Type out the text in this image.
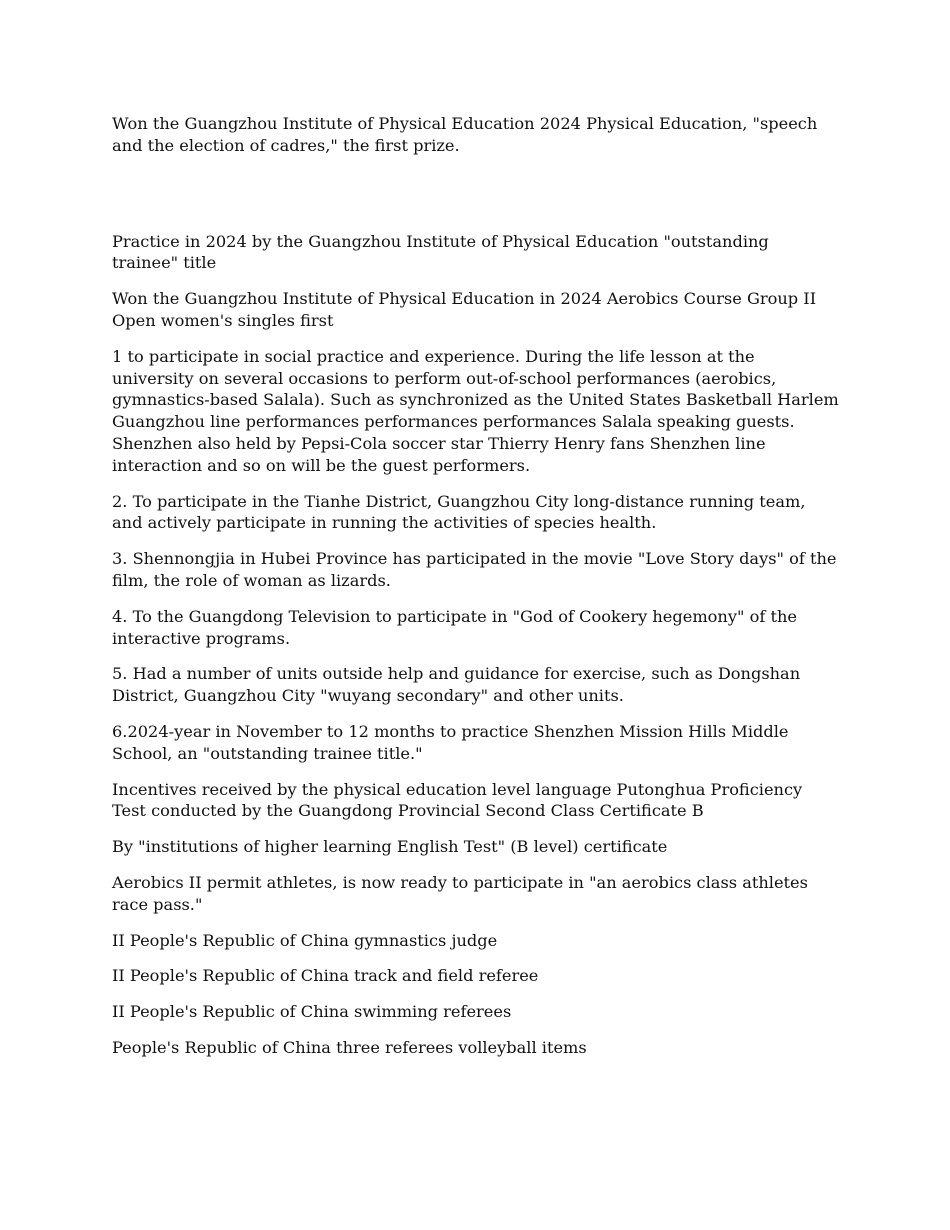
Won the Guangzhou Institute of Physical Education 2024 Physical Education, "speech and the election of cadres," the first prize.

Practice in 2024 by the Guangzhou Institute of Physical Education "outstanding trainee" title

Won the Guangzhou Institute of Physical Education in 2024 Aerobics Course Group II Open women's singles first

1 to participate in social practice and experience. During the life lesson at the university on several occasions to perform out-of-school performances (aerobics, gymnastics-based Salala). Such as synchronized as the United States Basketball Harlem Guangzhou line performances performances performances Salala speaking guests. Shenzhen also held by Pepsi-Cola soccer star Thierry Henry fans Shenzhen line interaction and so on will be the guest performers.

2. To participate in the Tianhe District, Guangzhou City long-distance running team, and actively participate in running the activities of species health.

3. Shennongjia in Hubei Province has participated in the movie "Love Story days" of the film, the role of woman as lizards.

4. To the Guangdong Television to participate in "God of Cookery hegemony" of the interactive programs.

5. Had a number of units outside help and guidance for exercise, such as Dongshan District, Guangzhou City "wuyang secondary" and other units.

6.2024-year in November to 12 months to practice Shenzhen Mission Hills Middle School, an "outstanding trainee title."

Incentives received by the physical education level language Putonghua Proficiency Test conducted by the Guangdong Provincial Second Class Certificate B

By "institutions of higher learning English Test" (B level) certificate

Aerobics II permit athletes, is now ready to participate in "an aerobics class athletes race pass."

II People's Republic of China gymnastics judge

II People's Republic of China track and field referee

II People's Republic of China swimming referees

People's Republic of China three referees volleyball items
